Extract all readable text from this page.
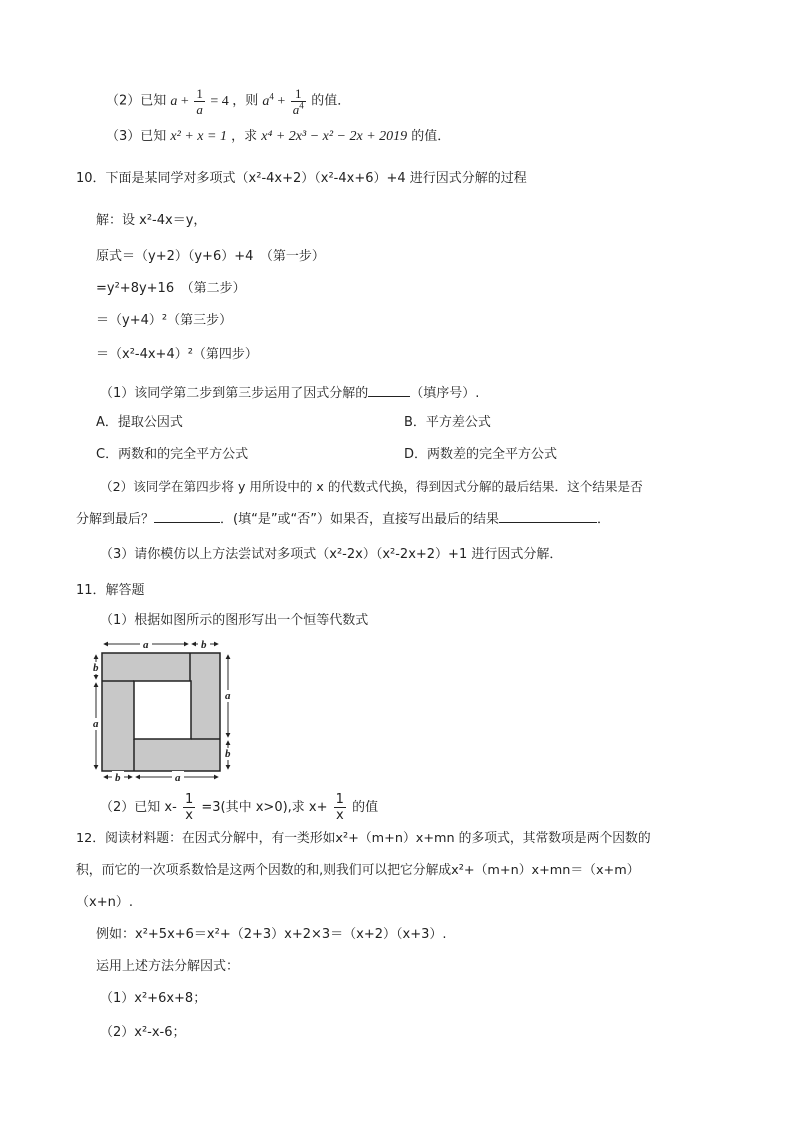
（2）已知 $a + \frac{1}{a} = 4$ ，则 $a^4 + \frac{1}{a^4}$ 的值．
（3）已知 x² + x = 1 ，求 x⁴ + 2x³ − x² − 2x + 2019 的值．
10．下面是某同学对多项式（x²-4x+2）（x²-4x+6）+4 进行因式分解的过程
解：设 x²-4x＝y，
原式＝（y+2）（y+6）+4　（第一步）
=y²+8y+16　（第二步）
＝（y+4）²（第三步）
＝（x²-4x+4）²（第四步）
（1）该同学第二步到第三步运用了因式分解的	（填序号）.
A．提取公因式	B．平方差公式
C．两数和的完全平方公式	D．两数差的完全平方公式
（2）该同学在第四步将 y 用所设中的 x 的代数式代换，得到因式分解的最后结果．这个结果是否
分解到最后？	．(填“是”或“否”）如果否，直接写出最后的结果	．
（3）请你模仿以上方法尝试对多项式（x²-2x）（x²-2x+2）+1 进行因式分解．
11．解答题
（1）根据如图所示的图形写出一个恒等代数式
a	b
b
a
a
b
b	a
（2）已知 $x- \frac{1}{x} =3$(其中 x>0),求 $x+ \frac{1}{x}$ 的值
12．阅读材料题：在因式分解中，有一类形如x²+（m+n）x+mn 的多项式，其常数项是两个因数的
积，而它的一次项系数恰是这两个因数的和,则我们可以把它分解成x²+（m+n）x+mn＝（x+m）
（x+n）.
例如：x²+5x+6＝x²+（2+3）x+2×3＝（x+2）（x+3）.
运用上述方法分解因式：
（1）x²+6x+8；
（2）x²-x-6；
